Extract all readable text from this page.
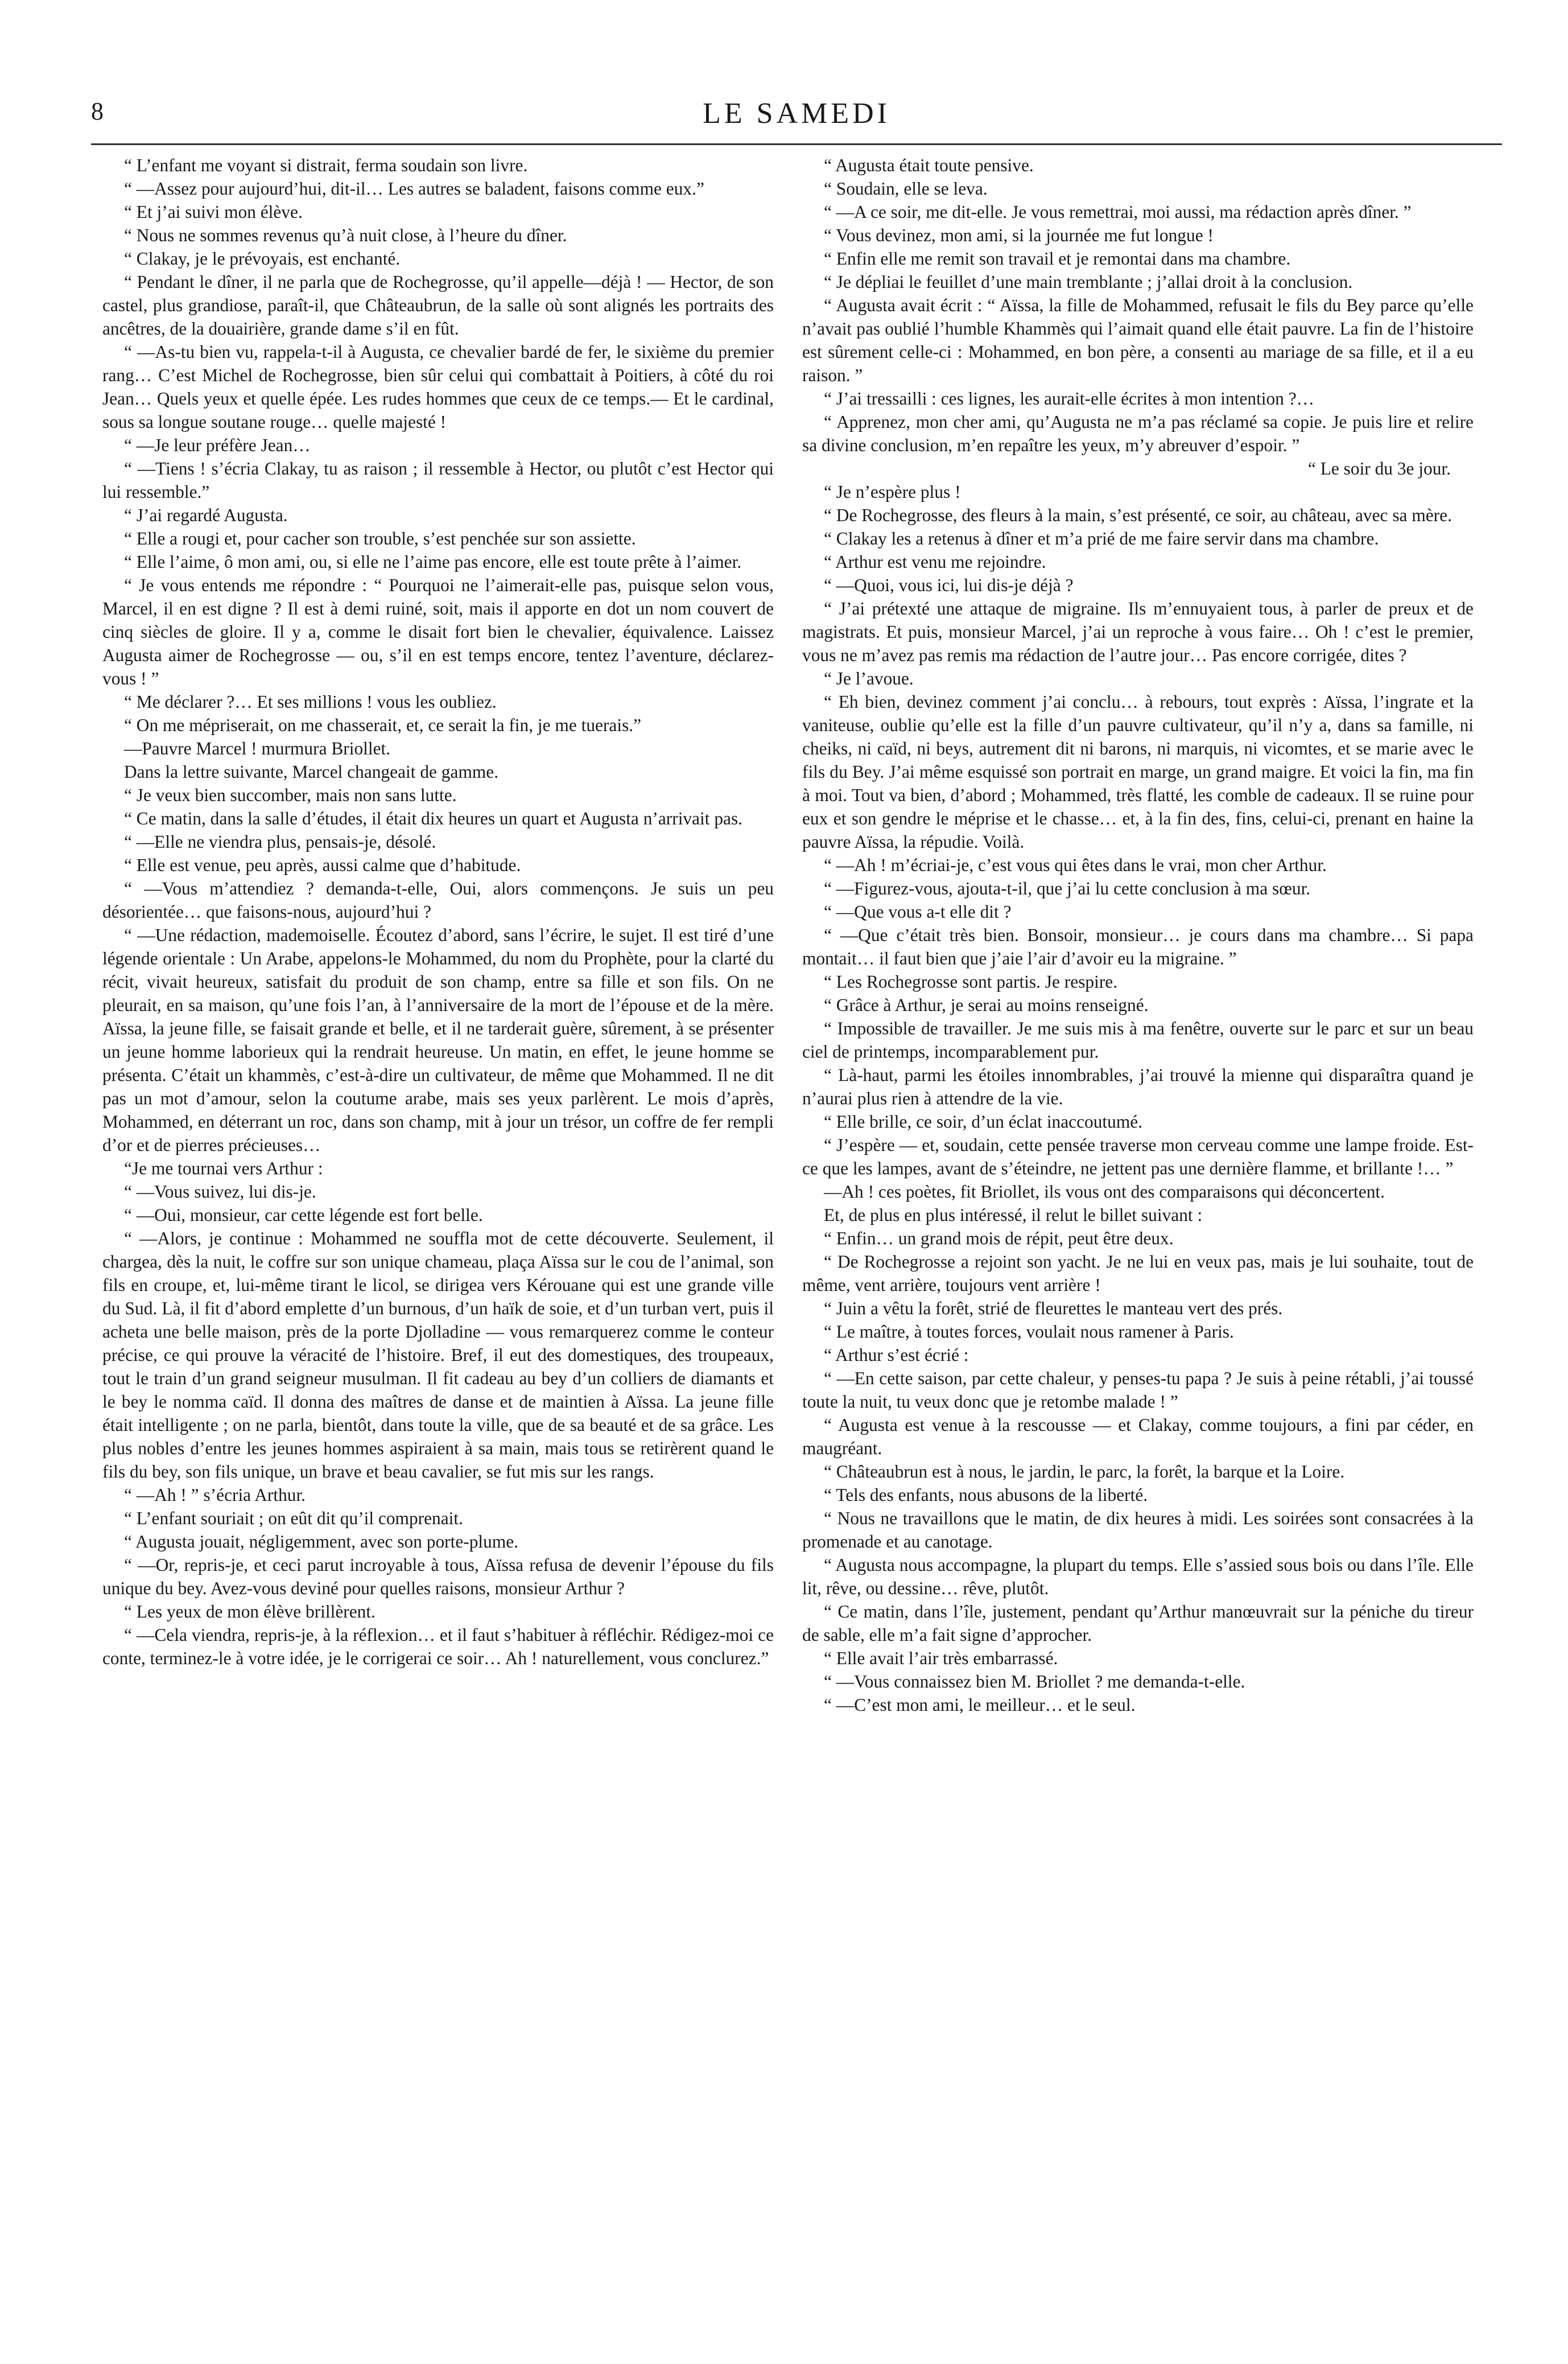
8	LE SAMEDI

“ L’enfant me voyant si distrait, ferma soudain son livre.

“ —Assez pour aujourd’hui, dit-il… Les autres se baladent, faisons comme eux.”

“ Et j’ai suivi mon élève.

“ Nous ne sommes revenus qu’à nuit close, à l’heure du dîner.

“ Clakay, je le prévoyais, est enchanté.

“ Pendant le dîner, il ne parla que de Rochegrosse, qu’il appelle—déjà ! — Hector, de son castel, plus grandiose, paraît-il, que Châteaubrun, de la salle où sont alignés les portraits des ancêtres, de la douairière, grande dame s’il en fût.

“ —As-tu bien vu, rappela-t-il à Augusta, ce chevalier bardé de fer, le sixième du premier rang… C’est Michel de Rochegrosse, bien sûr celui qui combattait à Poitiers, à côté du roi Jean… Quels yeux et quelle épée. Les rudes hommes que ceux de ce temps.— Et le cardinal, sous sa longue soutane rouge… quelle majesté !

“ —Je leur préfère Jean…

“ —Tiens ! s’écria Clakay, tu as raison ; il ressemble à Hector, ou plutôt c’est Hector qui lui ressemble.”

“ J’ai regardé Augusta.

“ Elle a rougi et, pour cacher son trouble, s’est penchée sur son assiette.

“ Elle l’aime, ô mon ami, ou, si elle ne l’aime pas encore, elle est toute prête à l’aimer.

“ Je vous entends me répondre : “ Pourquoi ne l’aimerait-elle pas, puisque selon vous, Marcel, il en est digne ? Il est à demi ruiné, soit, mais il apporte en dot un nom couvert de cinq siècles de gloire. Il y a, comme le disait fort bien le chevalier, équivalence. Laissez Augusta aimer de Rochegrosse — ou, s’il en est temps encore, tentez l’aventure, déclarez-vous ! ”

“ Me déclarer ?… Et ses millions ! vous les oubliez.

“ On me mépriserait, on me chasserait, et, ce serait la fin, je me tuerais.”

—Pauvre Marcel ! murmura Briollet.

Dans la lettre suivante, Marcel changeait de gamme.

“ Je veux bien succomber, mais non sans lutte.

“ Ce matin, dans la salle d’études, il était dix heures un quart et Augusta n’arrivait pas.

“ —Elle ne viendra plus, pensais-je, désolé.

“ Elle est venue, peu après, aussi calme que d’habitude.

“ —Vous m’attendiez ? demanda-t-elle, Oui, alors commençons. Je suis un peu désorientée… que faisons-nous, aujourd’hui ?

“ —Une rédaction, mademoiselle. Écoutez d’abord, sans l’écrire, le sujet. Il est tiré d’une légende orientale : Un Arabe, appelons-le Mohammed, du nom du Prophète, pour la clarté du récit, vivait heureux, satisfait du produit de son champ, entre sa fille et son fils. On ne pleurait, en sa maison, qu’une fois l’an, à l’anniversaire de la mort de l’épouse et de la mère. Aïssa, la jeune fille, se faisait grande et belle, et il ne tarderait guère, sûrement, à se présenter un jeune homme laborieux qui la rendrait heureuse. Un matin, en effet, le jeune homme se présenta. C’était un khammès, c’est-à-dire un cultivateur, de même que Mohammed. Il ne dit pas un mot d’amour, selon la coutume arabe, mais ses yeux parlèrent. Le mois d’après, Mohammed, en déterrant un roc, dans son champ, mit à jour un trésor, un coffre de fer rempli d’or et de pierres précieuses…

“Je me tournai vers Arthur :

“ —Vous suivez, lui dis-je.

“ —Oui, monsieur, car cette légende est fort belle.

“ —Alors, je continue : Mohammed ne souffla mot de cette découverte. Seulement, il chargea, dès la nuit, le coffre sur son unique chameau, plaça Aïssa sur le cou de l’animal, son fils en croupe, et, lui-même tirant le licol, se dirigea vers Kérouane qui est une grande ville du Sud. Là, il fit d’abord emplette d’un burnous, d’un haïk de soie, et d’un turban vert, puis il acheta une belle maison, près de la porte Djolladine — vous remarquerez comme le conteur précise, ce qui prouve la véracité de l’histoire. Bref, il eut des domestiques, des troupeaux, tout le train d’un grand seigneur musulman. Il fit cadeau au bey d’un colliers de diamants et le bey le nomma caïd. Il donna des maîtres de danse et de maintien à Aïssa. La jeune fille était intelligente ; on ne parla, bientôt, dans toute la ville, que de sa beauté et de sa grâce. Les plus nobles d’entre les jeunes hommes aspiraient à sa main, mais tous se retirèrent quand le fils du bey, son fils unique, un brave et beau cavalier, se fut mis sur les rangs.

“ —Ah ! ” s’écria Arthur.

“ L’enfant souriait ; on eût dit qu’il comprenait.

“ Augusta jouait, négligemment, avec son porte-plume.

“ —Or, repris-je, et ceci parut incroyable à tous, Aïssa refusa de devenir l’épouse du fils unique du bey. Avez-vous deviné pour quelles raisons, monsieur Arthur ?

“ Les yeux de mon élève brillèrent.

“ —Cela viendra, repris-je, à la réflexion… et il faut s’habituer à réfléchir. Rédigez-moi ce conte, terminez-le à votre idée, je le corrigerai ce soir… Ah ! naturellement, vous conclurez.”

“ Augusta était toute pensive.

“ Soudain, elle se leva.

“ —A ce soir, me dit-elle. Je vous remettrai, moi aussi, ma rédaction après dîner. ”

“ Vous devinez, mon ami, si la journée me fut longue !

“ Enfin elle me remit son travail et je remontai dans ma chambre.

“ Je dépliai le feuillet d’une main tremblante ; j’allai droit à la conclusion.

“ Augusta avait écrit : “ Aïssa, la fille de Mohammed, refusait le fils du Bey parce qu’elle n’avait pas oublié l’humble Khammès qui l’aimait quand elle était pauvre. La fin de l’histoire est sûrement celle-ci : Mohammed, en bon père, a consenti au mariage de sa fille, et il a eu raison. ”

“ J’ai tressailli : ces lignes, les aurait-elle écrites à mon intention ?…

“ Apprenez, mon cher ami, qu’Augusta ne m’a pas réclamé sa copie. Je puis lire et relire sa divine conclusion, m’en repaître les yeux, m’y abreuver d’espoir. ”

“ Le soir du 3e jour.

“ Je n’espère plus !

“ De Rochegrosse, des fleurs à la main, s’est présenté, ce soir, au château, avec sa mère.

“ Clakay les a retenus à dîner et m’a prié de me faire servir dans ma chambre.

“ Arthur est venu me rejoindre.

“ —Quoi, vous ici, lui dis-je déjà ?

“ J’ai prétexté une attaque de migraine. Ils m’ennuyaient tous, à parler de preux et de magistrats. Et puis, monsieur Marcel, j’ai un reproche à vous faire… Oh ! c’est le premier, vous ne m’avez pas remis ma rédaction de l’autre jour… Pas encore corrigée, dites ?

“ Je l’avoue.

“ Eh bien, devinez comment j’ai conclu… à rebours, tout exprès : Aïssa, l’ingrate et la vaniteuse, oublie qu’elle est la fille d’un pauvre cultivateur, qu’il n’y a, dans sa famille, ni cheiks, ni caïd, ni beys, autrement dit ni barons, ni marquis, ni vicomtes, et se marie avec le fils du Bey. J’ai même esquissé son portrait en marge, un grand maigre. Et voici la fin, ma fin à moi. Tout va bien, d’abord ; Mohammed, très flatté, les comble de cadeaux. Il se ruine pour eux et son gendre le méprise et le chasse… et, à la fin des, fins, celui-ci, prenant en haine la pauvre Aïssa, la répudie. Voilà.

“ —Ah ! m’écriai-je, c’est vous qui êtes dans le vrai, mon cher Arthur.

“ —Figurez-vous, ajouta-t-il, que j’ai lu cette conclusion à ma sœur.

“ —Que vous a-t elle dit ?

“ —Que c’était très bien. Bonsoir, monsieur… je cours dans ma chambre… Si papa montait… il faut bien que j’aie l’air d’avoir eu la migraine. ”

“ Les Rochegrosse sont partis. Je respire.

“ Grâce à Arthur, je serai au moins renseigné.

“ Impossible de travailler. Je me suis mis à ma fenêtre, ouverte sur le parc et sur un beau ciel de printemps, incomparablement pur.

“ Là-haut, parmi les étoiles innombrables, j’ai trouvé la mienne qui disparaîtra quand je n’aurai plus rien à attendre de la vie.

“ Elle brille, ce soir, d’un éclat inaccoutumé.

“ J’espère — et, soudain, cette pensée traverse mon cerveau comme une lampe froide. Est-ce que les lampes, avant de s’éteindre, ne jettent pas une dernière flamme, et brillante !… ”

—Ah ! ces poètes, fit Briollet, ils vous ont des comparaisons qui déconcertent.

Et, de plus en plus intéressé, il relut le billet suivant :

“ Enfin… un grand mois de répit, peut être deux.

“ De Rochegrosse a rejoint son yacht. Je ne lui en veux pas, mais je lui souhaite, tout de même, vent arrière, toujours vent arrière !

“ Juin a vêtu la forêt, strié de fleurettes le manteau vert des prés.

“ Le maître, à toutes forces, voulait nous ramener à Paris.

“ Arthur s’est écrié :

“ —En cette saison, par cette chaleur, y penses-tu papa ? Je suis à peine rétabli, j’ai toussé toute la nuit, tu veux donc que je retombe malade ! ”

“ Augusta est venue à la rescousse — et Clakay, comme toujours, a fini par céder, en maugréant.

“ Châteaubrun est à nous, le jardin, le parc, la forêt, la barque et la Loire.

“ Tels des enfants, nous abusons de la liberté.

“ Nous ne travaillons que le matin, de dix heures à midi. Les soirées sont consacrées à la promenade et au canotage.

“ Augusta nous accompagne, la plupart du temps. Elle s’assied sous bois ou dans l’île. Elle lit, rêve, ou dessine… rêve, plutôt.

“ Ce matin, dans l’île, justement, pendant qu’Arthur manœuvrait sur la péniche du tireur de sable, elle m’a fait signe d’approcher.

“ Elle avait l’air très embarrassé.

“ —Vous connaissez bien M. Briollet ? me demanda-t-elle.

“ —C’est mon ami, le meilleur… et le seul.
